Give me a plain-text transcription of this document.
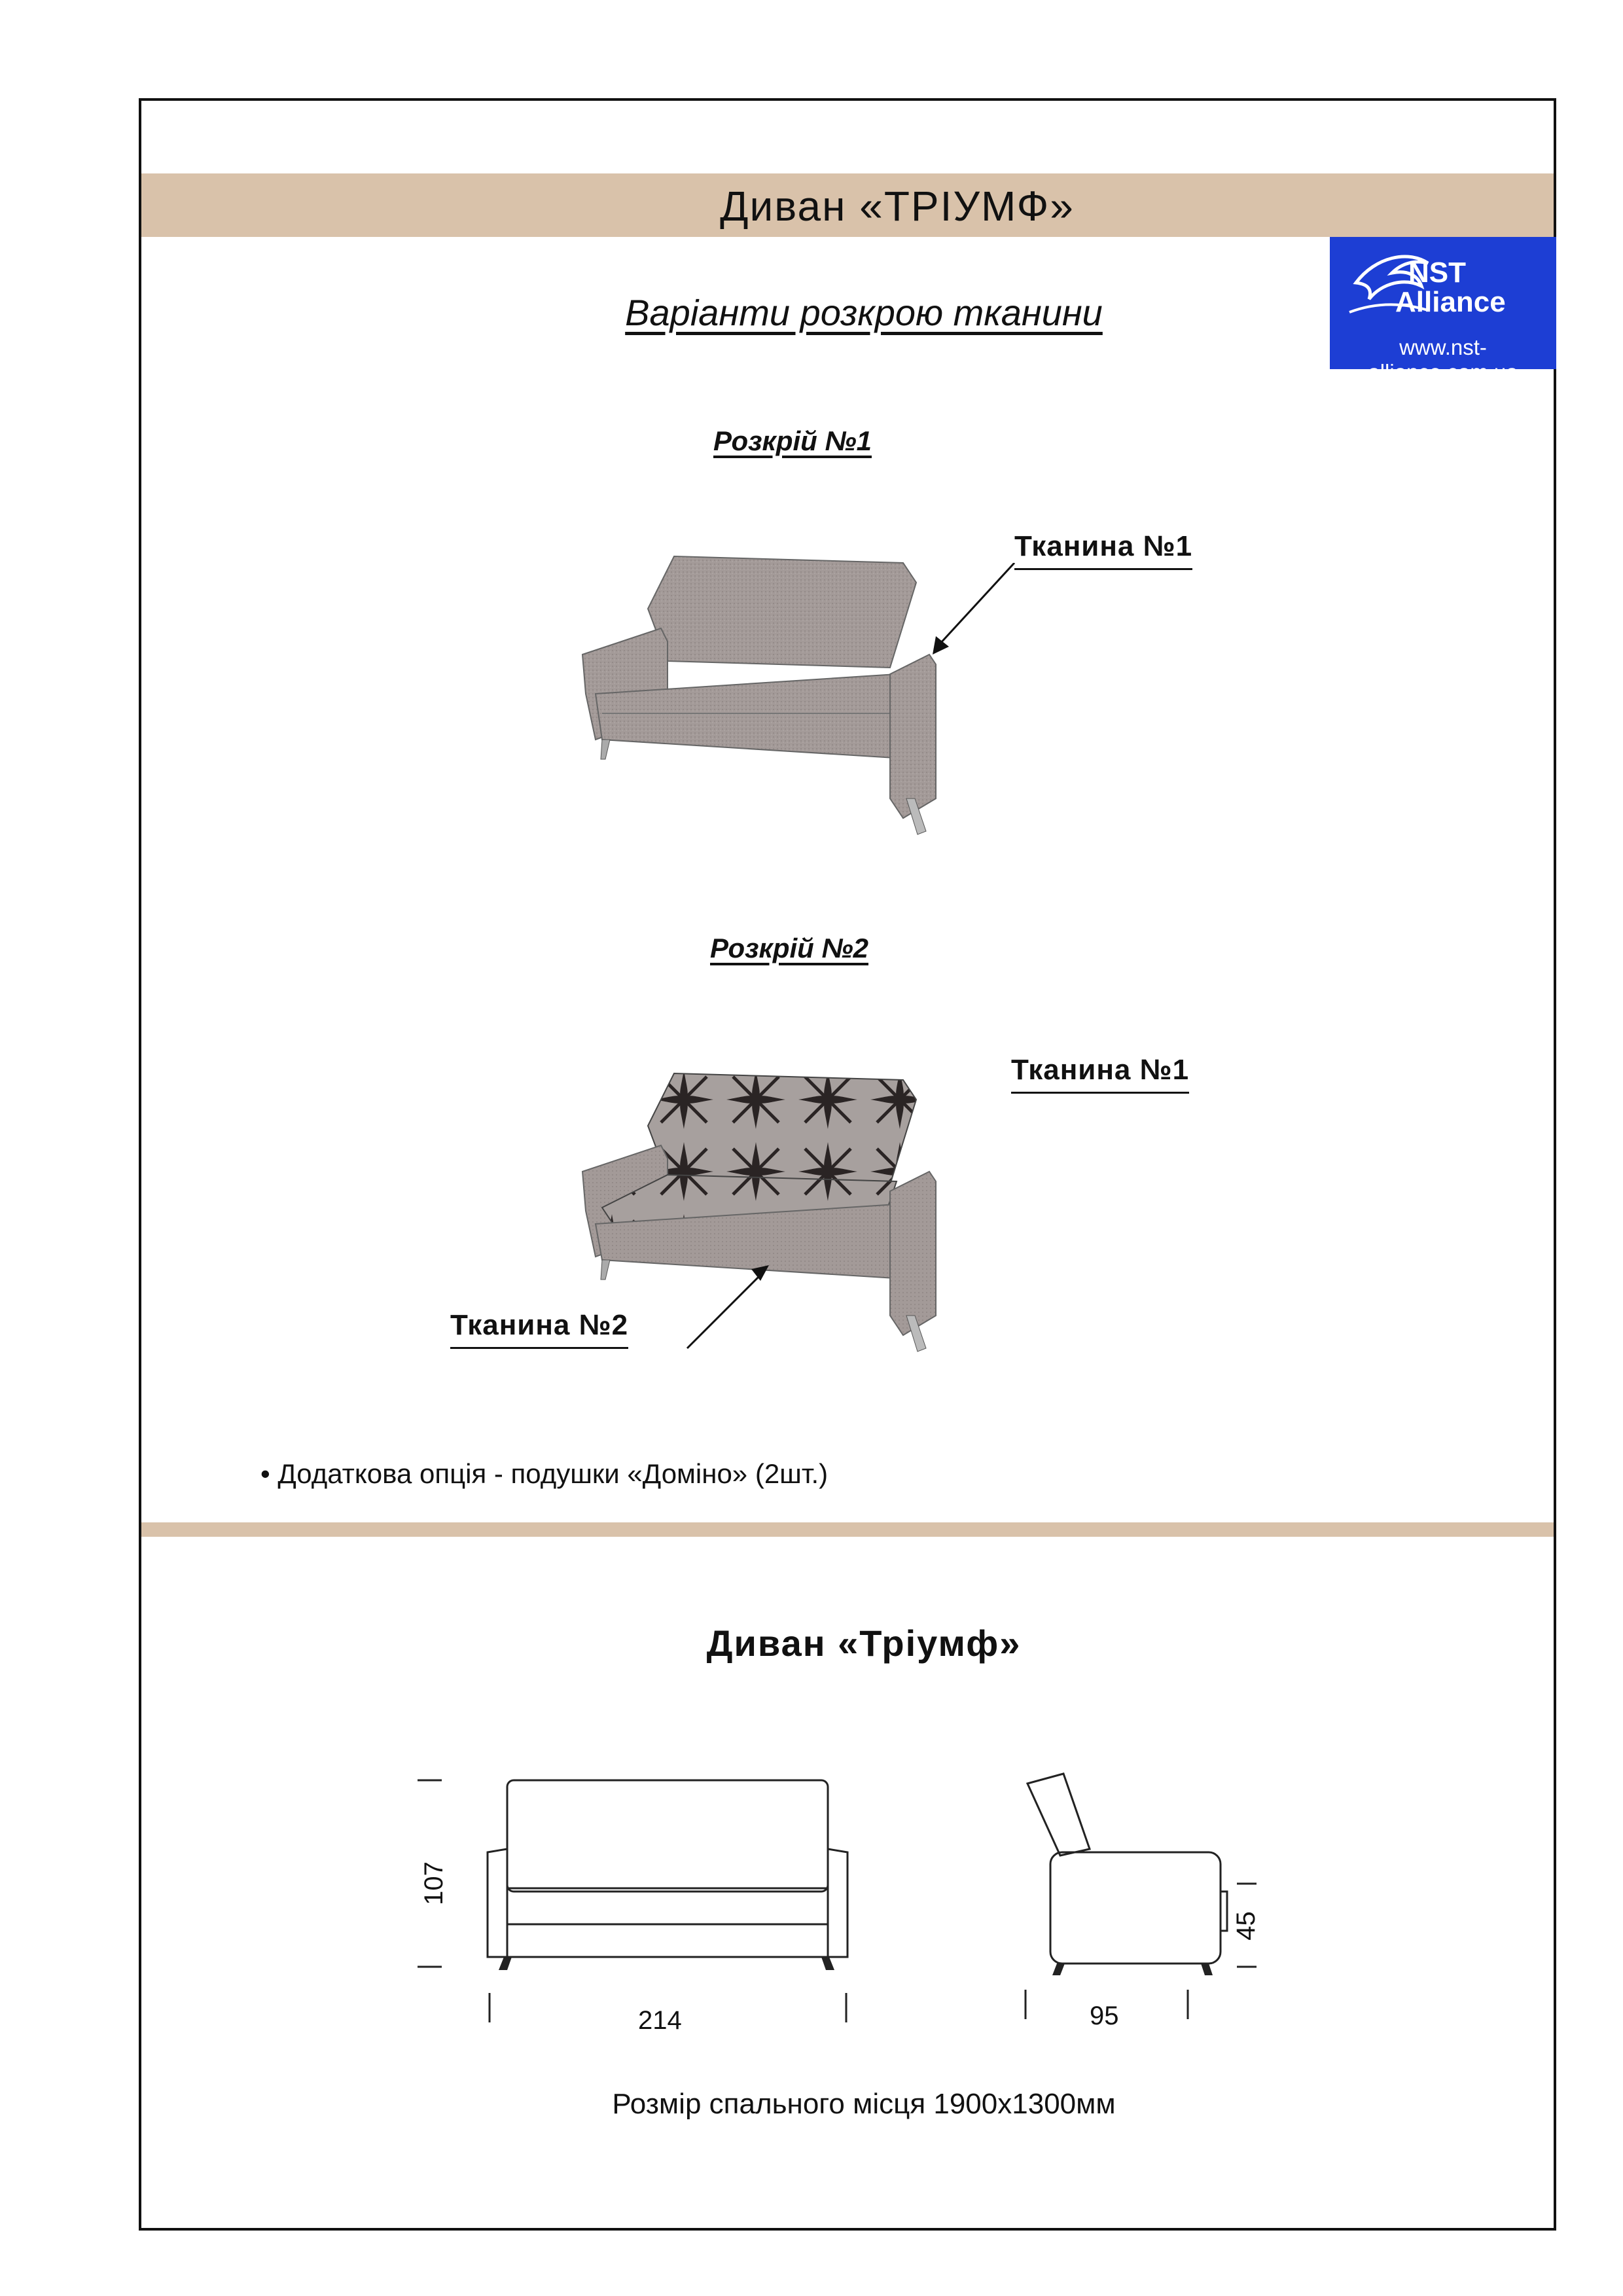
Диван «ТРІУМФ»
NST
Alliance
www.nst-alliance.com.ua
Варіанти розкрою тканини
Розкрій №1
Тканина №1
Розкрій №2
Тканина №1
Тканина №2
• Додаткова опція - подушки «Доміно» (2шт.)
Диван «Тріумф»
107
214
45
95
Розмір спального місця 1900х1300мм
